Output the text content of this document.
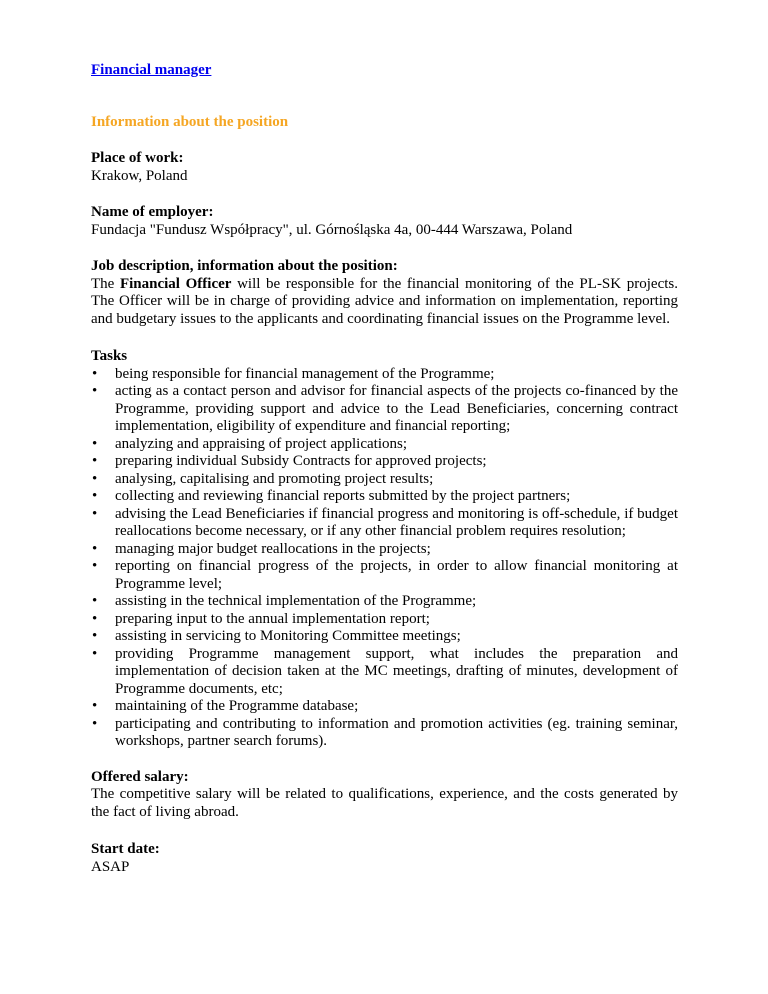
Financial manager
Information about the position
Place of work:
Krakow, Poland
Name of employer:
Fundacja "Fundusz Współpracy", ul. Górnośląska 4a, 00-444 Warszawa, Poland
Job description, information about the position:
The Financial Officer will be responsible for the financial monitoring of the PL-SK projects. The Officer will be in charge of providing advice and information on implementation, reporting and budgetary issues to the applicants and coordinating financial issues on the Programme level.
Tasks
• being responsible for financial management of the Programme;
• acting as a contact person and advisor for financial aspects of the projects co-financed by the Programme, providing support and advice to the Lead Beneficiaries, concerning contract implementation, eligibility of expenditure and financial reporting;
• analyzing and appraising of project applications;
• preparing individual Subsidy Contracts for approved projects;
• analysing, capitalising and promoting project results;
• collecting and reviewing financial reports submitted by the project partners;
• advising the Lead Beneficiaries if financial progress and monitoring is off-schedule, if budget reallocations become necessary, or if any other financial problem requires resolution;
• managing major budget reallocations in the projects;
• reporting on financial progress of the projects, in order to allow financial monitoring at Programme level;
• assisting in the technical implementation of the Programme;
• preparing input to the annual implementation report;
• assisting in servicing to Monitoring Committee meetings;
• providing Programme management support, what includes the preparation and implementation of decision taken at the MC meetings, drafting of minutes, development of Programme documents, etc;
• maintaining of the Programme database;
• participating and contributing to information and promotion activities (eg. training seminar, workshops, partner search forums).
Offered salary:
The competitive salary will be related to qualifications, experience, and the costs generated by the fact of living abroad.
Start date:
ASAP
